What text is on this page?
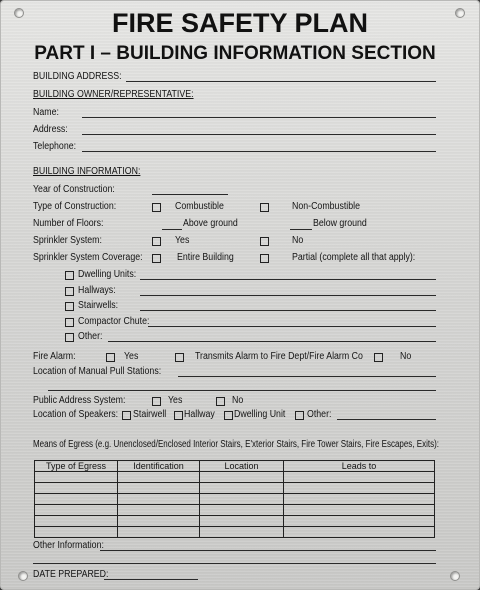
FIRE SAFETY PLAN
PART I – BUILDING INFORMATION SECTION
BUILDING ADDRESS:
BUILDING OWNER/REPRESENTATIVE:
Name:
Address:
Telephone:
BUILDING INFORMATION:
Year of Construction:
Type of Construction:	Combustible	Non-Combustible
Number of Floors:	Above ground	Below ground
Sprinkler System:	Yes	No
Sprinkler System Coverage:	Entire Building	Partial (complete all that apply):
Dwelling Units:
Hallways:
Stairwells:
Compactor Chute:
Other:
Fire Alarm:	Yes	Transmits Alarm to Fire Dept/Fire Alarm Co	No
Location of Manual Pull Stations:
Public Address System:	Yes	No
Location of Speakers: Stairwell Hallway Dwelling Unit Other:
Means of Egress (e.g. Unenclosed/Enclosed Interior Stairs, E'xterior Stairs, Fire Tower Stairs, Fire Escapes, Exits):
Type of Egress	Identification	Location	Leads to

Other Information:
DATE PREPARED:
